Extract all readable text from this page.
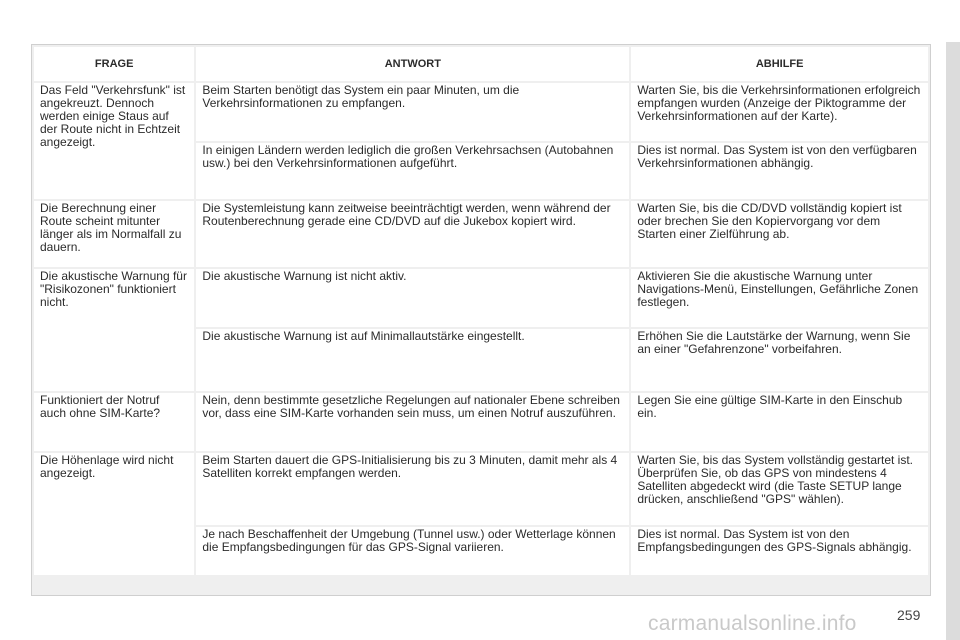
FRAGE	ANTWORT	ABHILFE
Das Feld "Verkehrsfunk" ist angekreuzt. Dennoch werden einige Staus auf der Route nicht in Echtzeit angezeigt.	Beim Starten benötigt das System ein paar Minuten, um die Verkehrsinformationen zu empfangen.	Warten Sie, bis die Verkehrsinformationen erfolgreich empfangen wurden (Anzeige der Piktogramme der Verkehrsinformationen auf der Karte).
	In einigen Ländern werden lediglich die großen Verkehrsachsen (Autobahnen usw.) bei den Verkehrsinformationen aufgeführt.	Dies ist normal. Das System ist von den verfügbaren Verkehrsinformationen abhängig.
Die Berechnung einer Route scheint mitunter länger als im Normalfall zu dauern.	Die Systemleistung kann zeitweise beeinträchtigt werden, wenn während der Routenberechnung gerade eine CD/DVD auf die Jukebox kopiert wird.	Warten Sie, bis die CD/DVD vollständig kopiert ist oder brechen Sie den Kopiervorgang vor dem Starten einer Zielführung ab.
Die akustische Warnung für "Risikozonen" funktioniert nicht.	Die akustische Warnung ist nicht aktiv.	Aktivieren Sie die akustische Warnung unter Navigations-Menü, Einstellungen, Gefährliche Zonen festlegen.
	Die akustische Warnung ist auf Minimallautstärke eingestellt.	Erhöhen Sie die Lautstärke der Warnung, wenn Sie an einer "Gefahrenzone" vorbeifahren.
Funktioniert der Notruf auch ohne SIM-Karte?	Nein, denn bestimmte gesetzliche Regelungen auf nationaler Ebene schreiben vor, dass eine SIM-Karte vorhanden sein muss, um einen Notruf auszuführen.	Legen Sie eine gültige SIM-Karte in den Einschub ein.
Die Höhenlage wird nicht angezeigt.	Beim Starten dauert die GPS-Initialisierung bis zu 3 Minuten, damit mehr als 4 Satelliten korrekt empfangen werden.	Warten Sie, bis das System vollständig gestartet ist. Überprüfen Sie, ob das GPS von mindestens 4 Satelliten abgedeckt wird (die Taste SETUP lange drücken, anschließend "GPS" wählen).
	Je nach Beschaffenheit der Umgebung (Tunnel usw.) oder Wetterlage können die Empfangsbedingungen für das GPS-Signal variieren.	Dies ist normal. Das System ist von den Empfangsbedingungen des GPS-Signals abhängig.
carmanualsonline.info	259
